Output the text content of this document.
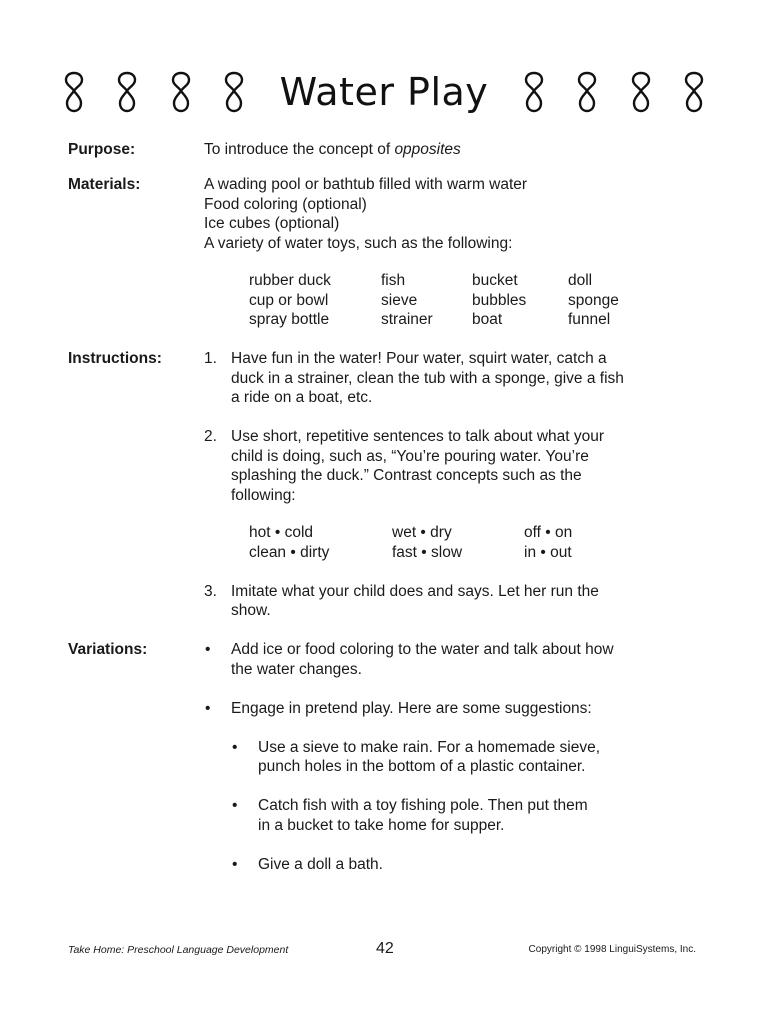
Water Play
Purpose:	To introduce the concept of opposites

Materials:	A wading pool or bathtub filled with warm water

Food coloring (optional)

Ice cubes (optional)

A variety of water toys, such as the following:

rubber duck	fish	bucket	doll
cup or bowl	sieve	bubbles	sponge
spray bottle	strainer	boat	funnel
Instructions:	1. Have fun in the water! Pour water, squirt water, catch a

duck in a strainer, clean the tub with a sponge, give a fish

a ride on a boat, etc.

2. Use short, repetitive sentences to talk about what your

child is doing, such as, “You’re pouring water. You’re

splashing the duck.” Contrast concepts such as the

following:

hot • cold	wet • dry	off • on
clean • dirty	fast • slow	in • out
3. Imitate what your child does and says. Let her run the

show.

Variations:	• Add ice or food coloring to the water and talk about how

the water changes.

• Engage in pretend play. Here are some suggestions:

• Use a sieve to make rain. For a homemade sieve,

punch holes in the bottom of a plastic container.

• Catch fish with a toy fishing pole. Then put them

in a bucket to take home for supper.

• Give a doll a bath.

Take Home: Preschool Language Development	42	Copyright © 1998 LinguiSystems, Inc.
